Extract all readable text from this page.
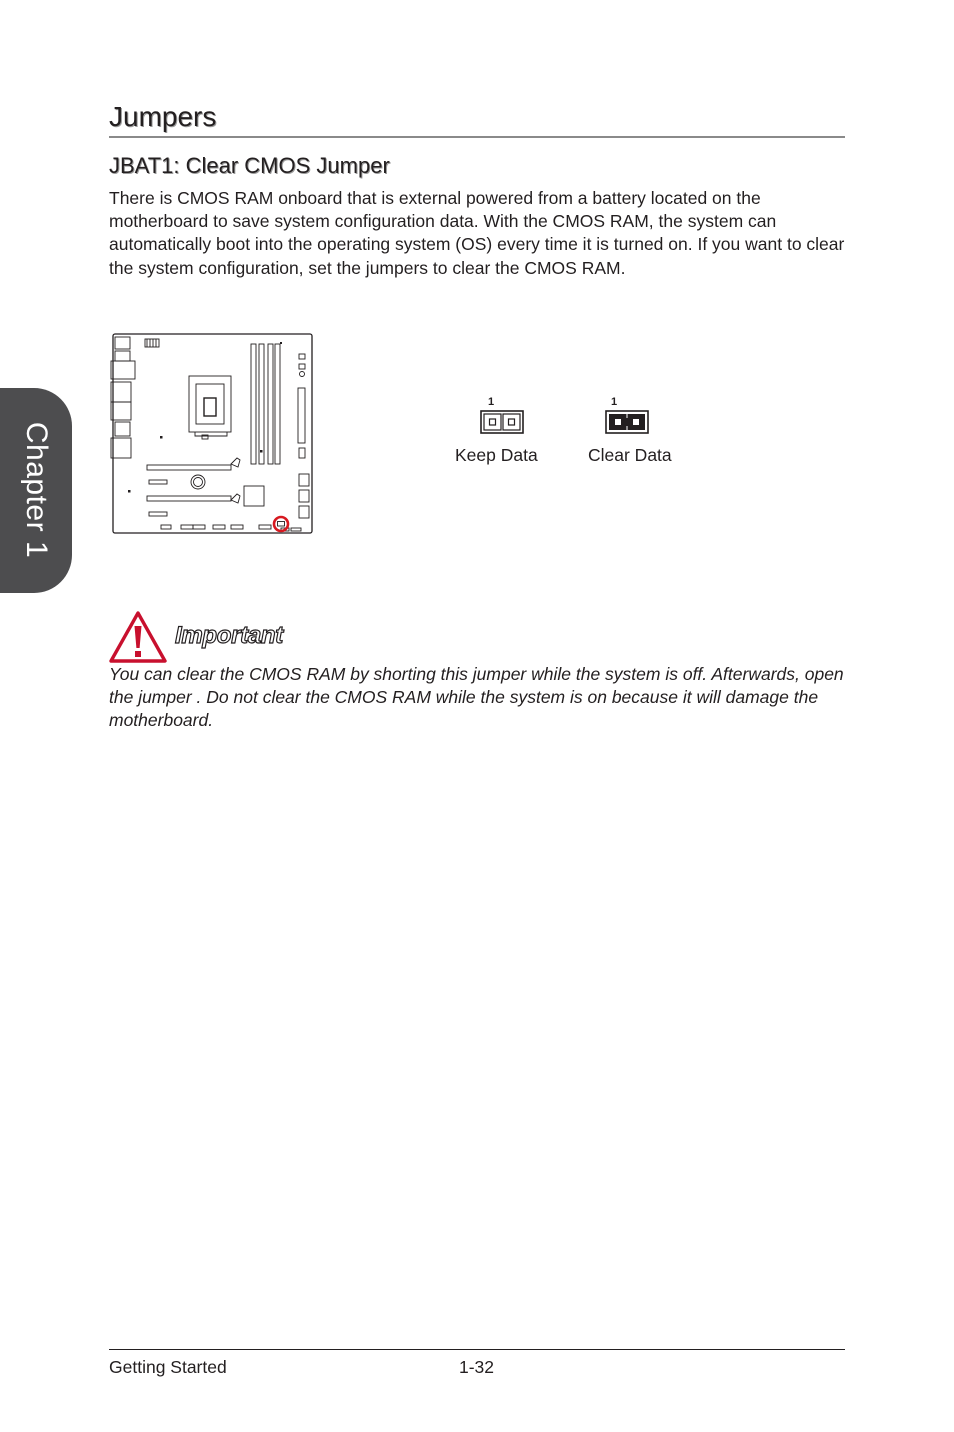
Chapter 1
Jumpers
JBAT1: Clear CMOS Jumper

There is CMOS RAM onboard that is external powered from a battery located on the motherboard to save system configuration data. With the CMOS RAM, the system can automatically boot into the operating system (OS) every time it is turned on. If you want to clear the system configuration, set the jumpers to clear the CMOS RAM.

1
Keep Data
1
Clear Data
Important

You can clear the CMOS RAM by shorting this jumper while the system is off. Afterwards, open the jumper . Do not clear the CMOS RAM while the system is on because it will damage the motherboard.

Getting Started	1-32
